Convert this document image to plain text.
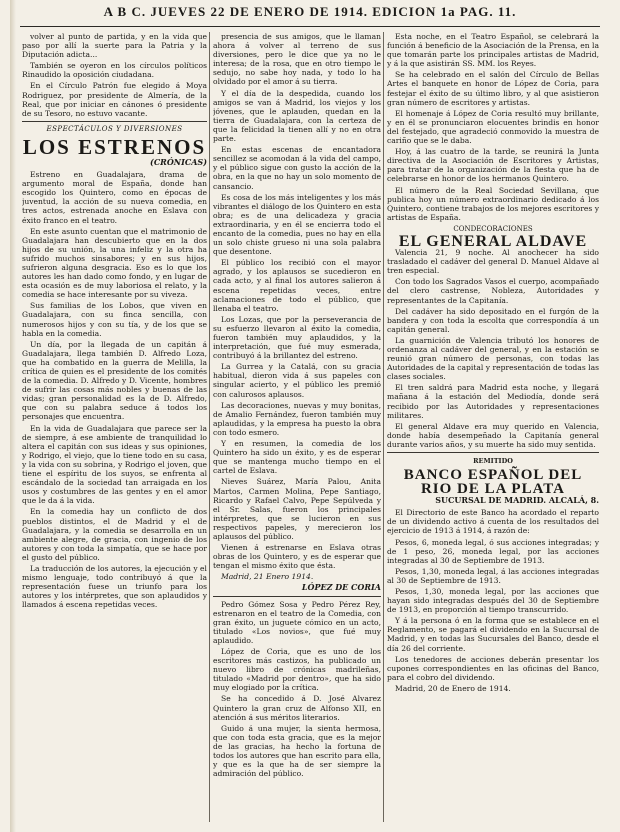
A B C. JUEVES 22 DE ENERO DE 1914. EDICION 1a PAG. 11.

volver al punto de partida, y en la vida que paso por allí la suerte para la Patria y la Diputación adicta...

También se oyeron en los círculos políticos Rinaudido la oposición ciudadana.

En el Círculo Patrón fue elegido á Moya Rodriguez, por presidente de Almería, de la Real, que por iniciar en cánones ó presidente de su Tesoro, no estuvo vacante.

ESPECTÁCULOS Y DIVERSIONES
LOS ESTRENOS
(CRÓNICAS)

Estreno en Guadalajara, drama de argumento moral de España, donde han escogido los Quintero, como en épocas de juventud, la acción de su nueva comedia, en tres actos, estrenada anoche en Eslava con éxito franco en el teatro.

En este asunto cuentan que el matrimonio de Guadalajara han descubierto que en la dos hijos de su unión, la una infeliz y la otra ha sufrido muchos sinsabores; y en sus hijos, sufrieron alguna desgracia. Eso es lo que los autores les han dado como fondo, y en lugar de esta ocasión es de muy laboriosa el relato, y la comedia se hace interesante por su viveza.

Sus familias de los Lobos, que viven en Guadalajara, con su finca sencilla, con numerosos hijos y con su tía, y de los que se habla en la comedia.

Un día, por la llegada de un capitán á Guadalajara, llega también D. Alfredo Loza, que ha combatido en la guerra de Melilla, la crítica de quien es el presidente de los comités de la comedia. D. Alfredo y D. Vicente, hombres de sufrir las cosas más nobles y buenas de las vidas; gran personalidad es la de D. Alfredo, que con su palabra seduce á todos los personajes que encuentra.

En la vida de Guadalajara que parece ser la de siempre, á ese ambiente de tranquilidad lo altera el capitán con sus ideas y sus opiniones, y Rodrigo, el viejo, que lo tiene todo en su casa, y la vida con su sobrina, y Rodrigo el joven, que tiene el espíritu de los suyos, se enfrenta al escándalo de la sociedad tan arraigada en los usos y costumbres de las gentes y en el amor que le da á la vida.

En la comedia hay un conflicto de dos pueblos distintos, el de Madrid y el de Guadalajara, y la comedia se desarrolla en un ambiente alegre, de gracia, con ingenio de los autores y con toda la simpatía, que se hace por el gusto del público.

La traducción de los autores, la ejecución y el mismo lenguaje, todo contribuyó á que la representación fuese un triunfo para los autores y los intérpretes, que son aplaudidos y llamados á escena repetidas veces.

presencia de sus amigos, que le llaman ahora á volver al terreno de sus diversiones, pero le dice que ya no le interesa; de la rosa, que en otro tiempo le sedujo, no sabe hoy nada, y todo lo ha olvidado por el amor á su tierra.

Y el día de la despedida, cuando los amigos se van á Madrid, los viejos y los jóvenes, que le aplauden, quedan en la tierra de Guadalajara, con la certeza de que la felicidad la tienen allí y no en otra parte.

En estas escenas de encantadora sencillez se acomodan á la vida del campo, y el público sigue con gusto la acción de la obra, en la que no hay un solo momento de cansancio.

Es cosa de los más inteligentes y los más vibrantes el diálogo de los Quintero en esta obra; es de una delicadeza y gracia extraordinaria, y en él se encierra todo el encanto de la comedia, pues no hay en ella un solo chiste grueso ni una sola palabra que desentone.

El público los recibió con el mayor agrado, y los aplausos se sucedieron en cada acto, y al final los autores salieron á escena repetidas veces, entre aclamaciones de todo el público, que llenaba el teatro.

Los Lozas, que por la perseverancia de su esfuerzo llevaron al éxito la comedia, fueron también muy aplaudidos, y la interpretación, que fué muy esmerada, contribuyó á la brillantez del estreno.

La Gurrea y la Catalá, con su gracia habitual, dieron vida á sus papeles con singular acierto, y el público les premió con calurosos aplausos.

Las decoraciones, nuevas y muy bonitas, de Amalio Fernández, fueron también muy aplaudidas, y la empresa ha puesto la obra con todo esmero.

Y en resumen, la comedia de los Quintero ha sido un éxito, y es de esperar que se mantenga mucho tiempo en el cartel de Eslava.

Nieves Suárez, María Palou, Anita Martos, Carmen Molina, Pepe Santiago, Ricardo y Rafael Calvo, Pepe Sepúlveda y el Sr. Salas, fueron los principales intérpretes, que se lucieron en sus respectivos papeles, y merecieron los aplausos del público.

Vienen á estrenarse en Eslava otras obras de los Quintero, y es de esperar que tengan el mismo éxito que ésta.

Madrid, 21 Enero 1914.

LÓPEZ DE CORIA

Pedro Gómez Sosa y Pedro Pérez Rey, estrenaron en el teatro de la Comedia, con gran éxito, un juguete cómico en un acto, titulado «Los novios», que fué muy aplaudido.

López de Coria, que es uno de los escritores más castizos, ha publicado un nuevo libro de crónicas madrileñas, titulado «Madrid por dentro», que ha sido muy elogiado por la crítica.

Se ha concedido á D. José Alvarez Quintero la gran cruz de Alfonso XII, en atención á sus méritos literarios.

Guido á una mujer, la sienta hermosa, que con toda esta gracia, que es la mejor de las gracias, ha hecho la fortuna de todos los autores que han escrito para ella, y que es la que ha de ser siempre la admiración del público.

Esta noche, en el Teatro Español, se celebrará la función á beneficio de la Asociación de la Prensa, en la que tomarán parte los principales artistas de Madrid, y á la que asistirán SS. MM. los Reyes.

Se ha celebrado en el salón del Círculo de Bellas Artes el banquete en honor de López de Coria, para festejar el éxito de su último libro, y al que asistieron gran número de escritores y artistas.

El homenaje á López de Coria resultó muy brillante, y en él se pronunciaron elocuentes brindis en honor del festejado, que agradeció conmovido la muestra de cariño que se le daba.

Hoy, á las cuatro de la tarde, se reunirá la Junta directiva de la Asociación de Escritores y Artistas, para tratar de la organización de la fiesta que ha de celebrarse en honor de los hermanos Quintero.

El número de la Real Sociedad Sevillana, que publica hoy un número extraordinario dedicado á los Quintero, contiene trabajos de los mejores escritores y artistas de España.

CONDECORACIONES
EL GENERAL ALDAVE

Valencia 21, 9 noche. Al anochecer ha sido trasladado el cadáver del general D. Manuel Aldave al tren especial.

Con todo los Sagrados Vasos el cuerpo, acompañado del clero castrense, Nobleza, Autoridades y representantes de la Capitanía.

Del cadáver ha sido depositado en el furgón de la bandera y con toda la escolta que correspondía á un capitán general.

La guarnición de Valencia tributó los honores de ordenanza al cadáver del general, y en la estación se reunió gran número de personas, con todas las Autoridades de la capital y representación de todas las clases sociales.

El tren saldrá para Madrid esta noche, y llegará mañana á la estación del Mediodía, donde será recibido por las Autoridades y representaciones militares.

El general Aldave era muy querido en Valencia, donde había desempeñado la Capitanía general durante varios años, y su muerte ha sido muy sentida.

REMITIDO
BANCO ESPAÑOL DEL RIO DE LA PLATA
SUCURSAL DE MADRID. ALCALÁ, 8.

El Directorio de este Banco ha acordado el reparto de un dividendo activo á cuenta de los resultados del ejercicio de 1913 á 1914, á razón de:

Pesos, 6, moneda legal, ó sus acciones integradas; y de 1 peso, 26, moneda legal, por las acciones integradas al 30 de Septiembre de 1913.

Pesos, 1,30, moneda legal, á las acciones integradas al 30 de Septiembre de 1913.

Pesos, 1,30, moneda legal, por las acciones que hayan sido integradas después del 30 de Septiembre de 1913, en proporción al tiempo transcurrido.

Y á la persona ó en la forma que se establece en el Reglamento, se pagará el dividendo en la Sucursal de Madrid, y en todas las Sucursales del Banco, desde el día 26 del corriente.

Los tenedores de acciones deberán presentar los cupones correspondientes en las oficinas del Banco, para el cobro del dividendo.

Madrid, 20 de Enero de 1914.
